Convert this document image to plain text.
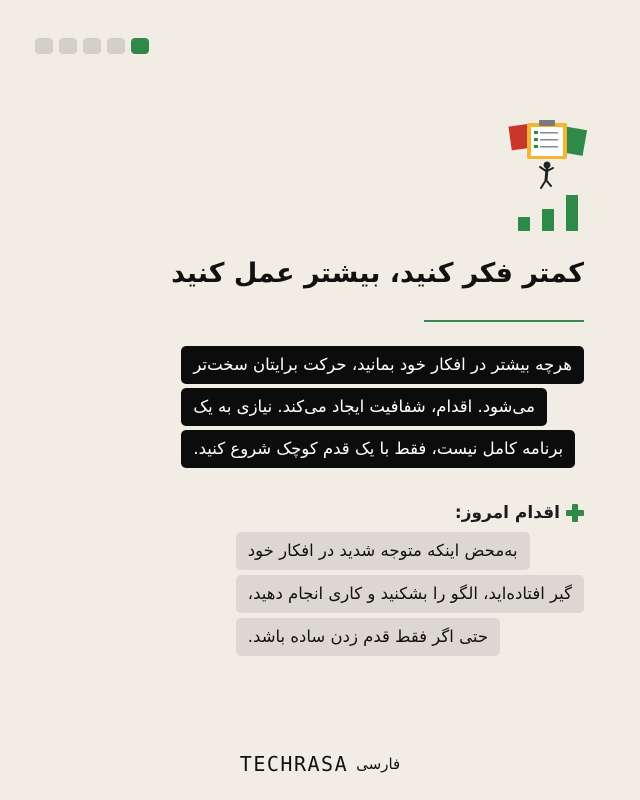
کمتر فکر کنید، بیشتر عمل کنید
هرچه بیشتر در افکار خود بمانید، حرکت برایتان سخت‌تر
می‌شود. اقدام، شفافیت ایجاد می‌کند. نیازی به یک
برنامه کامل نیست، فقط با یک قدم کوچک شروع کنید.
اقدام امروز:
به‌محض اینکه متوجه شدید در افکار خود
گیر افتاده‌اید، الگو را بشکنید و کاری انجام دهید،
حتی اگر فقط قدم زدن ساده باشد.
TECHRASA فارسی
